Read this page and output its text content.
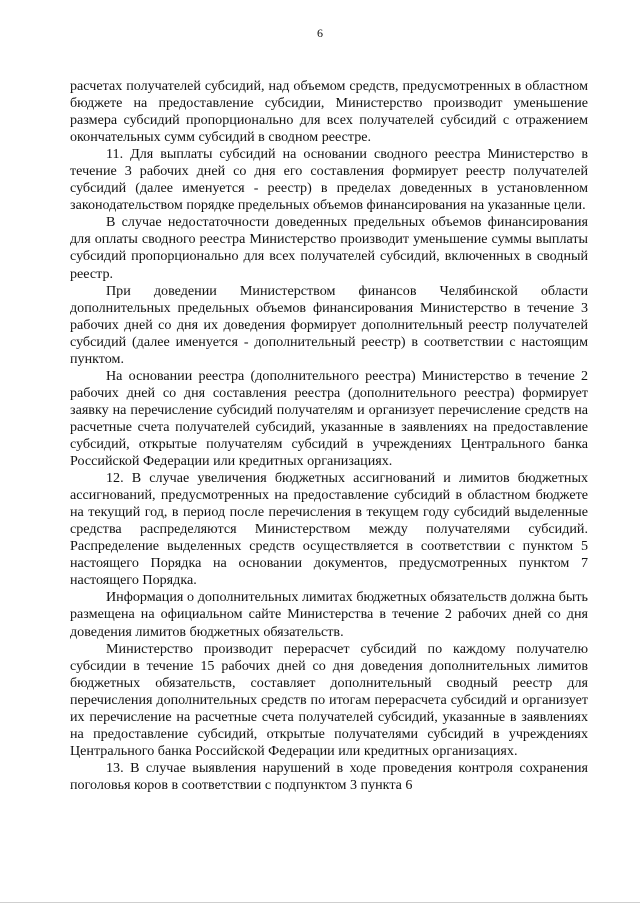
6

расчетах получателей субсидий, над объемом средств, предусмотренных в областном бюджете на предоставление субсидии, Министерство производит уменьшение размера субсидий пропорционально для всех получателей субсидий с отражением окончательных сумм субсидий в сводном реестре.

11. Для выплаты субсидий на основании сводного реестра Министерство в течение 3 рабочих дней со дня его составления формирует реестр получателей субсидий (далее именуется - реестр) в пределах доведенных в установленном законодательством порядке предельных объемов финансирования на указанные цели.

В случае недостаточности доведенных предельных объемов финансирования для оплаты сводного реестра Министерство производит уменьшение суммы выплаты субсидий пропорционально для всех получателей субсидий, включенных в сводный реестр.

При доведении Министерством финансов Челябинской области дополнительных предельных объемов финансирования Министерство в течение 3 рабочих дней со дня их доведения формирует дополнительный реестр получателей субсидий (далее именуется - дополнительный реестр) в соответствии с настоящим пунктом.

На основании реестра (дополнительного реестра) Министерство в течение 2 рабочих дней со дня составления реестра (дополнительного реестра) формирует заявку на перечисление субсидий получателям и организует перечисление средств на расчетные счета получателей субсидий, указанные в заявлениях на предоставление субсидий, открытые получателям субсидий в учреждениях Центрального банка Российской Федерации или кредитных организациях.

12. В случае увеличения бюджетных ассигнований и лимитов бюджетных ассигнований, предусмотренных на предоставление субсидий в областном бюджете на текущий год, в период после перечисления в текущем году субсидий выделенные средства распределяются Министерством между получателями субсидий. Распределение выделенных средств осуществляется в соответствии с пунктом 5 настоящего Порядка на основании документов, предусмотренных пунктом 7 настоящего Порядка.

Информация о дополнительных лимитах бюджетных обязательств должна быть размещена на официальном сайте Министерства в течение 2 рабочих дней со дня доведения лимитов бюджетных обязательств.

Министерство производит перерасчет субсидий по каждому получателю субсидии в течение 15 рабочих дней со дня доведения дополнительных лимитов бюджетных обязательств, составляет дополнительный сводный реестр для перечисления дополнительных средств по итогам перерасчета субсидий и организует их перечисление на расчетные счета получателей субсидий, указанные в заявлениях на предоставление субсидий, открытые получателями субсидий в учреждениях Центрального банка Российской Федерации или кредитных организациях.

13. В случае выявления нарушений в ходе проведения контроля сохранения поголовья коров в соответствии с подпунктом 3 пункта 6
